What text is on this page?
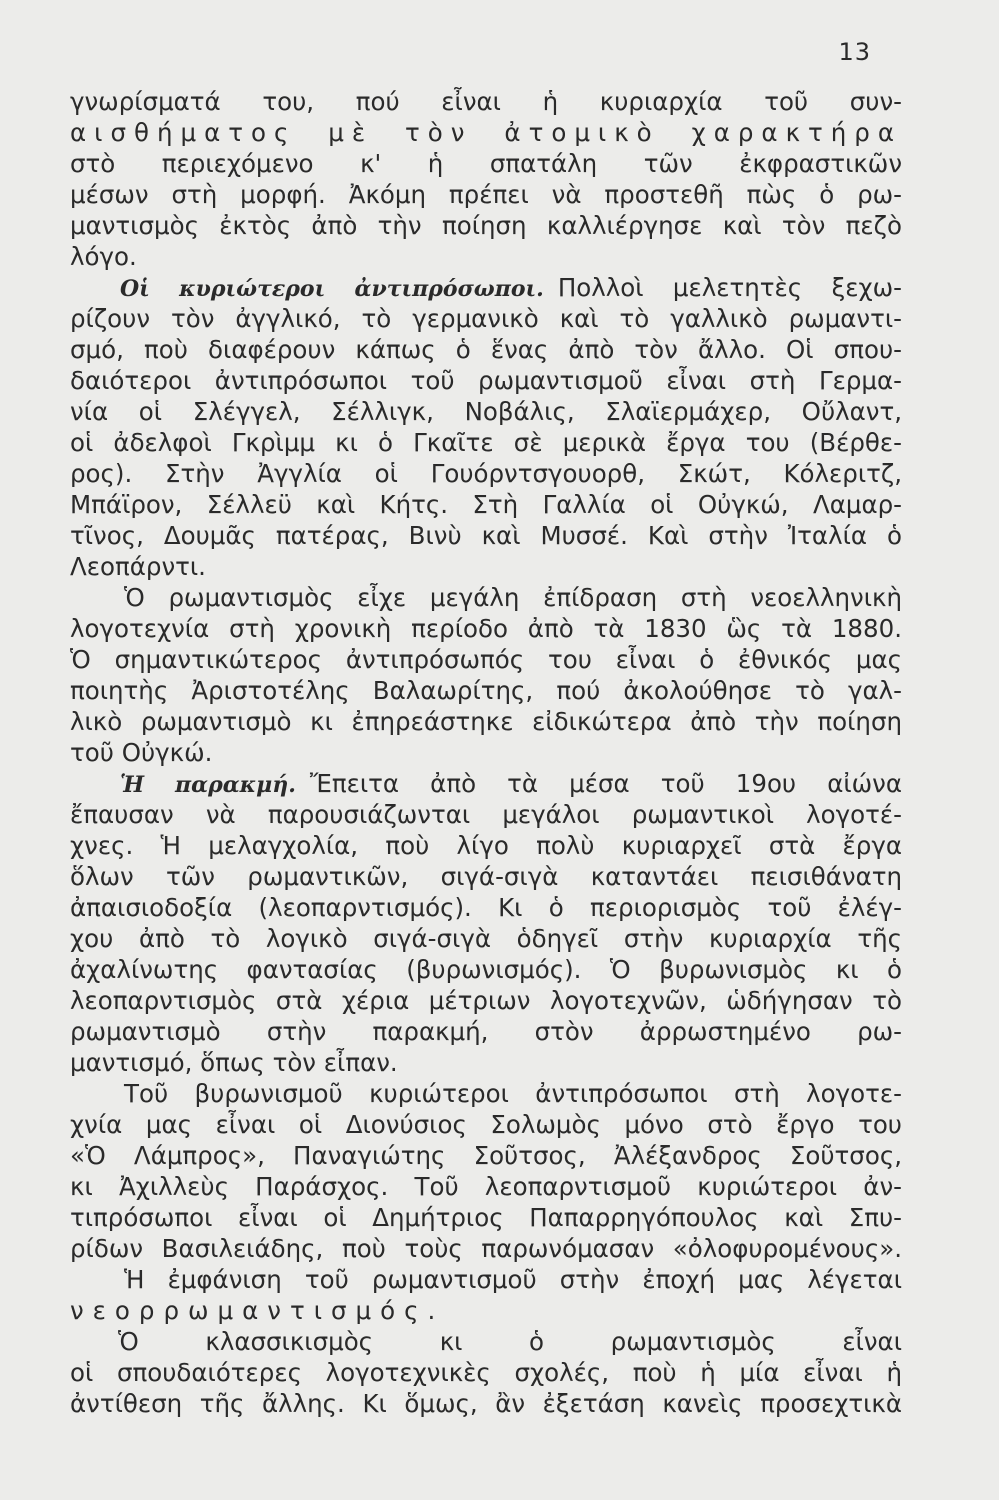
13
γνωρίσματά του, πού εἶναι ἡ κυριαρχία τοῦ συν-
αισθήματος μὲ τὸν ἀτομικὸ χαρακτήρα
στὸ περιεχόμενο κ' ἡ σπατάλη τῶν ἐκφραστικῶν
μέσων στὴ μορφή. Ἀκόμη πρέπει νὰ προστεθῆ πὼς ὁ ρω-
μαντισμὸς ἐκτὸς ἀπὸ τὴν ποίηση καλλιέργησε καὶ τὸν πεζὸ
λόγο.
Οἱ κυριώτεροι ἀντιπρόσωποι. Πολλοὶ μελετητὲς ξεχω-
ρίζουν τὸν ἀγγλικό, τὸ γερμανικὸ καὶ τὸ γαλλικὸ ρωμαντι-
σμό, ποὺ διαφέρουν κάπως ὁ ἕνας ἀπὸ τὸν ἄλλο. Οἱ σπου-
δαιότεροι ἀντιπρόσωποι τοῦ ρωμαντισμοῦ εἶναι στὴ Γερμα-
νία οἱ Σλέγγελ, Σέλλιγκ, Νοβάλις, Σλαϊερμάχερ, Οὔλαντ,
οἱ ἀδελφοὶ Γκρὶμμ κι ὁ Γκαῖτε σὲ μερικὰ ἔργα του (Βέρθε-
ρος). Στὴν Ἀγγλία οἱ Γουόρντσγουορθ, Σκώτ, Κόλεριτζ,
Μπάϊρον, Σέλλεϋ καὶ Κήτς. Στὴ Γαλλία οἱ Οὐγκώ, Λαμαρ-
τῖνος, Δουμᾶς πατέρας, Βινὺ καὶ Μυσσέ. Καὶ στὴν Ἰταλία ὁ
Λεοπάρντι.
Ὁ ρωμαντισμὸς εἶχε μεγάλη ἐπίδραση στὴ νεοελληνικὴ
λογοτεχνία στὴ χρονικὴ περίοδο ἀπὸ τὰ 1830 ὣς τὰ 1880.
Ὁ σημαντικώτερος ἀντιπρόσωπός του εἶναι ὁ ἐθνικός μας
ποιητὴς Ἀριστοτέλης Βαλαωρίτης, πού ἀκολούθησε τὸ γαλ-
λικὸ ρωμαντισμὸ κι ἐπηρεάστηκε εἰδικώτερα ἀπὸ τὴν ποίηση
τοῦ Οὐγκώ.
Ἡ παρακμή. Ἔπειτα ἀπὸ τὰ μέσα τοῦ 19ου αἰώνα
ἔπαυσαν νὰ παρουσιάζωνται μεγάλοι ρωμαντικοὶ λογοτέ-
χνες. Ἡ μελαγχολία, ποὺ λίγο πολὺ κυριαρχεῖ στὰ ἔργα
ὅλων τῶν ρωμαντικῶν, σιγά-σιγὰ καταντάει πεισιθάνατη
ἀπαισιοδοξία (λεοπαρντισμός). Κι ὁ περιορισμὸς τοῦ ἐλέγ-
χου ἀπὸ τὸ λογικὸ σιγά-σιγὰ ὁδηγεῖ στὴν κυριαρχία τῆς
ἀχαλίνωτης φαντασίας (βυρωνισμός). Ὁ βυρωνισμὸς κι ὁ
λεοπαρντισμὸς στὰ χέρια μέτριων λογοτεχνῶν, ὡδήγησαν τὸ
ρωμαντισμὸ στὴν παρακμή, στὸν ἀρρωστημένο ρω-
μαντισμό, ὅπως τὸν εἶπαν.
Τοῦ βυρωνισμοῦ κυριώτεροι ἀντιπρόσωποι στὴ λογοτε-
χνία μας εἶναι οἱ Διονύσιος Σολωμὸς μόνο στὸ ἔργο του
«Ὁ Λάμπρος», Παναγιώτης Σοῦτσος, Ἀλέξανδρος Σοῦτσος,
κι Ἀχιλλεὺς Παράσχος. Τοῦ λεοπαρντισμοῦ κυριώτεροι ἀν-
τιπρόσωποι εἶναι οἱ Δημήτριος Παπαρρηγόπουλος καὶ Σπυ-
ρίδων Βασιλειάδης, ποὺ τοὺς παρωνόμασαν «ὀλοφυρομένους».
Ἡ ἐμφάνιση τοῦ ρωμαντισμοῦ στὴν ἐποχή μας λέγεται
νεορρωμαντισμός.
Ὁ κλασσικισμὸς κι ὁ ρωμαντισμὸς εἶναι
οἱ σπουδαιότερες λογοτεχνικὲς σχολές, ποὺ ἡ μία εἶναι ἡ
ἀντίθεση τῆς ἄλλης. Κι ὅμως, ἂν ἐξετάση κανεὶς προσεχτικὰ
